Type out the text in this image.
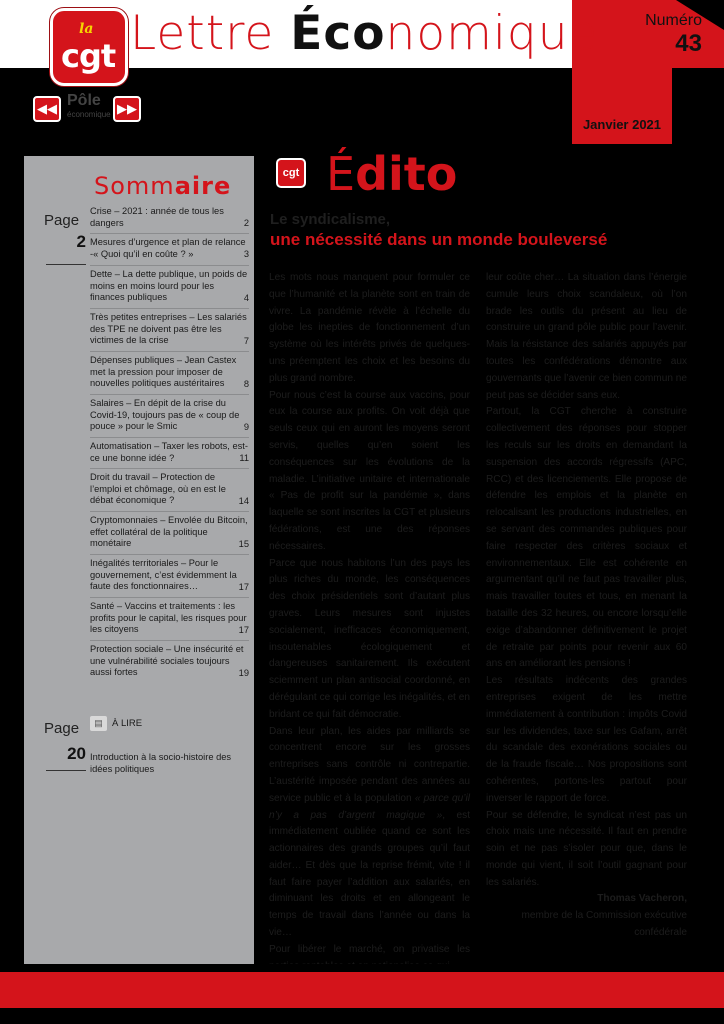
la
cgt Lettre Économique	Numéro
43
Janvier 2021
◀◀ Pôle
économique ▶▶
Sommaire
Page
2
Crise – 2021 : année de tous les dangers	2
Mesures d’urgence et plan de relance -« Quoi qu’il en coûte ? »	3
Dette – La dette publique, un poids de moins en moins lourd pour les finances publiques	4
Très petites entreprises – Les salariés des TPE ne doivent pas être les victimes de la crise	7
Dépenses publiques – Jean Castex met la pression pour imposer de nouvelles politiques austéritaires 8
Salaires – En dépit de la crise du Covid-19, toujours pas de « coup de pouce » pour le Smic	9
Automatisation – Taxer les robots, est-ce une bonne idée ?	11
Droit du travail – Protection de l’emploi et chômage, où en est le débat économique ?	14
Cryptomonnaies – Envolée du Bitcoin, effet collatéral de la politique monétaire	15
Inégalités territoriales – Pour le gouvernement, c’est évidemment la faute des fonctionnaires…	17
Santé – Vaccins et traitements : les profits pour le capital, les risques pour les citoyens	17
Protection sociale – Une insécurité et une vulnérabilité sociales toujours aussi fortes	19
Page	▤ À LIRE
20 Introduction à la socio-histoire des idées politiques
cgt Édito
Le syndicalisme,
une nécessité dans un monde bouleversé

Les mots nous manquent pour formuler ce que l’humanité et la planète sont en train de vivre. La pandémie révèle à l’échelle du globe les inepties de fonctionnement d’un système où les intérêts privés de quelques-uns préemptent les choix et les besoins du plus grand nombre.

Pour nous c’est la course aux vaccins, pour eux la course aux profits. On voit déjà que seuls ceux qui en auront les moyens seront servis, quelles qu’en soient les conséquences sur les évolutions de la maladie. L’initiative unitaire et internationale « Pas de profit sur la pandémie », dans laquelle se sont inscrites la CGT et plusieurs fédérations, est une des réponses nécessaires.

Parce que nous habitons l’un des pays les plus riches du monde, les conséquences des choix présidentiels sont d’autant plus graves. Leurs mesures sont injustes socialement, inefficaces économiquement, insoutenables écologiquement et dangereuses sanitairement. Ils exécutent sciemment un plan antisocial coordonné, en dérégulant ce qui corrige les inégalités, et en bridant ce qui fait démocratie.

Dans leur plan, les aides par milliards se concentrent encore sur les grosses entreprises sans contrôle ni contrepartie. L’austérité imposée pendant des années au service public et à la population « parce qu’il n’y a pas d’argent magique », est immédiatement oubliée quand ce sont les actionnaires des grands groupes qu’il faut aider… Et dès que la reprise frémit, vite ! il faut faire payer l’addition aux salariés, en diminuant les droits et en allongeant le temps de travail dans l’année ou dans la vie…

Pour libérer le marché, on privatise les

leur coûte cher… La situation dans l’énergie cumule leurs choix scandaleux, où l’on brade les outils du présent au lieu de construire un grand pôle public pour l’avenir. Mais la résistance des salariés appuyés par toutes les confédérations démontre aux gouvernants que l’avenir ce bien commun ne peut pas se décider sans eux.

Partout, la CGT cherche à construire collectivement des réponses pour stopper les reculs sur les droits en demandant la suspension des accords régressifs (APC, RCC) et des licenciements. Elle propose de défendre les emplois et la planète en relocalisant les productions industrielles, en se servant des commandes publiques pour faire respecter des critères sociaux et environnementaux. Elle est cohérente en argumentant qu’il ne faut pas travailler plus, mais travailler toutes et tous, en menant la bataille des 32 heures, ou encore lorsqu’elle exige d’abandonner définitivement le projet de retraite par points pour revenir aux 60 ans en améliorant les pensions !

Les résultats indécents des grandes entreprises exigent de les mettre immédiatement à contribution : impôts Covid sur les dividendes, taxe sur les Gafam, arrêt du scandale des exonérations sociales ou de la fraude fiscale… Nos propositions sont cohérentes, portons-les partout pour inverser le rapport de force.

Pour se défendre, le syndicat n’est pas un choix mais une nécessité. Il faut en prendre soin et ne pas s’isoler pour que, dans le monde qui vient, il soit l’outil gagnant pour les salariés.

Thomas Vacheron,

membre de la Commission exécutive confédérale
